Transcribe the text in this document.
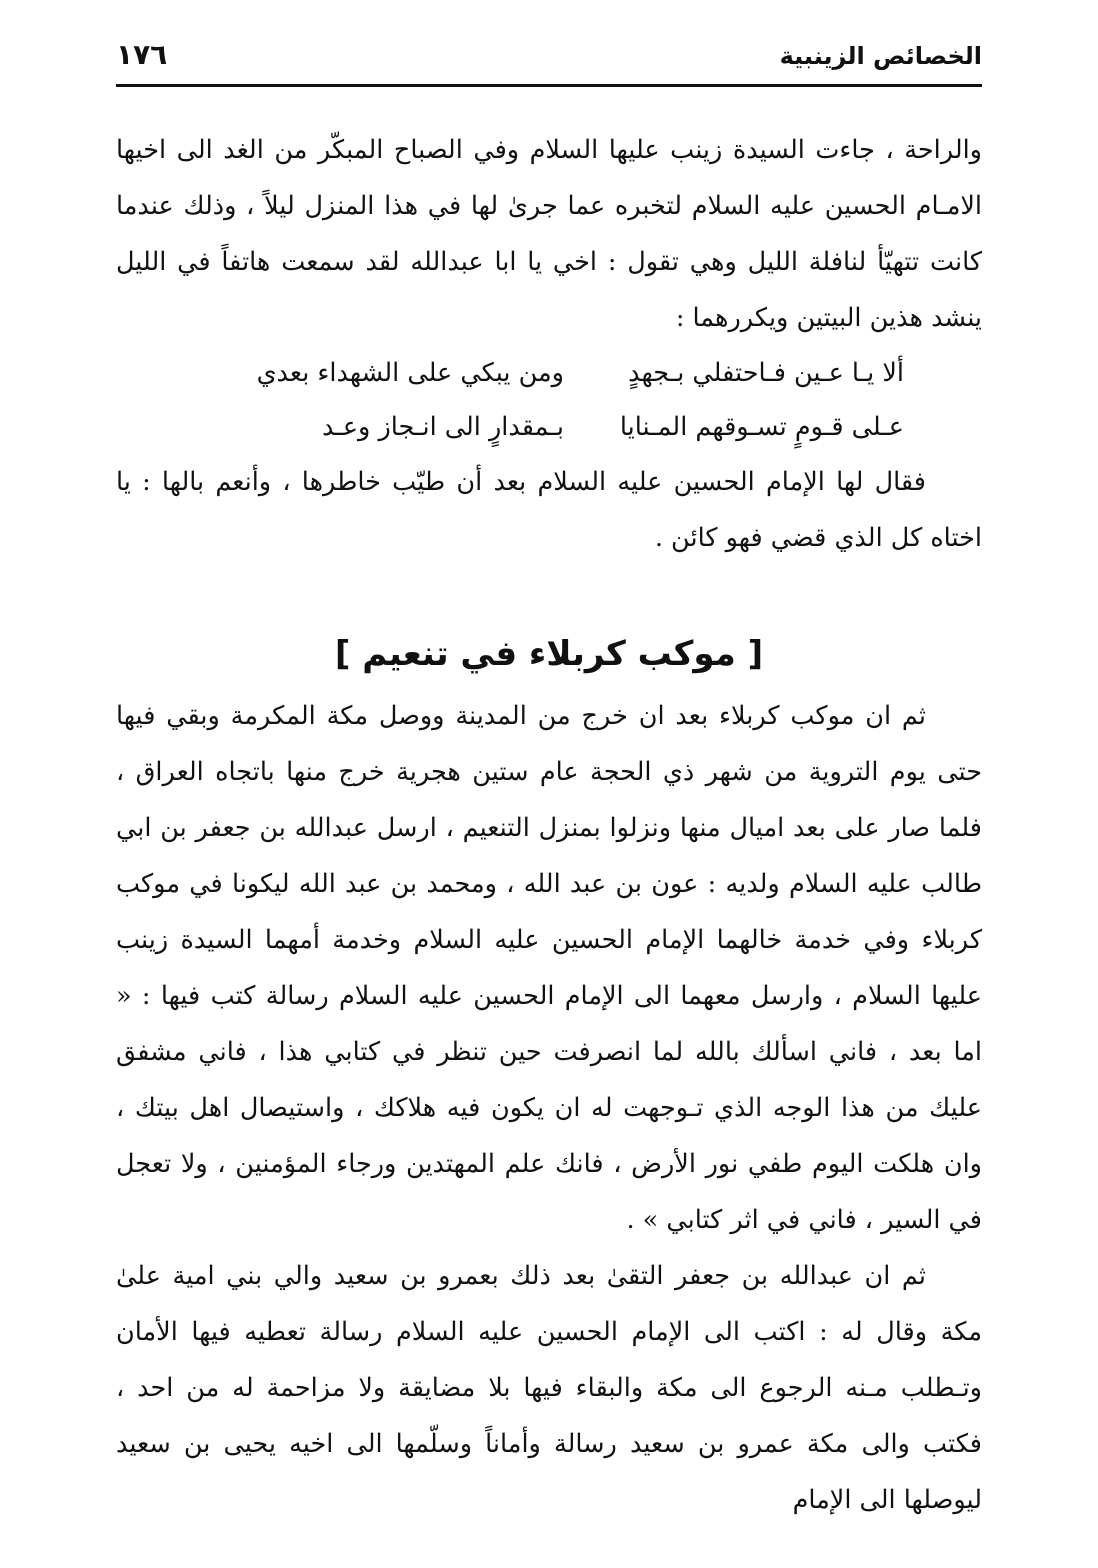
الخصائص الزينبية
١٧٦

والراحة ، جاءت السيدة زينب عليها السلام وفي الصباح المبكّر من الغد الى اخيها الامـام الحسين عليه السلام لتخبره عما جرىٰ لها في هذا المنزل ليلاً ، وذلك عندما كانت تتهيّأ لنافلة الليل وهي تقول : اخي يا ابا عبدالله لقد سمعت هاتفاً في الليل ينشد هذين البيتين ويكررهما :

ألا يـا عـين فـاحتفلي بـجهدٍ
ومن يبكي على الشهداء بعدي
عـلى قـومٍ تسـوقهم المـنايا
بـمقدارٍ الى انـجاز وعـد

فقال لها الإمام الحسين عليه السلام بعد أن طيّب خاطرها ، وأنعم بالها : يا اختاه كل الذي قضي فهو كائن .

[ موكب كربلاء في تنعيم ]

ثم ان موكب كربلاء بعد ان خرج من المدينة ووصل مكة المكرمة وبقي فيها حتى يوم التروية من شهر ذي الحجة عام ستين هجرية خرج منها باتجاه العراق ، فلما صار على بعد اميال منها ونزلوا بمنزل التنعيم ، ارسل عبدالله بن جعفر بن ابي طالب عليه السلام ولديه : عون بن عبد الله ، ومحمد بن عبد الله ليكونا في موكب كربلاء وفي خدمة خالهما الإمام الحسين عليه السلام وخدمة أمهما السيدة زينب عليها السلام ، وارسل معهما الى الإمام الحسين عليه السلام رسالة كتب فيها : « اما بعد ، فاني اسألك بالله لما انصرفت حين تنظر في كتابي هذا ، فاني مشفق عليك من هذا الوجه الذي تـوجهت له ان يكون فيه هلاكك ، واستيصال اهل بيتك ، وان هلكت اليوم طفي نور الأرض ، فانك علم المهتدين ورجاء المؤمنين ، ولا تعجل في السير ، فاني في اثر كتابي » .

ثم ان عبدالله بن جعفر التقىٰ بعد ذلك بعمرو بن سعيد والي بني امية علىٰ مكة وقال له : اكتب الى الإمام الحسين عليه السلام رسالة تعطيه فيها الأمان وتـطلب مـنه الرجوع الى مكة والبقاء فيها بلا مضايقة ولا مزاحمة له من احد ، فكتب والى مكة عمرو بن سعيد رسالة وأماناً وسلّمها الى اخيه يحيى بن سعيد ليوصلها الى الإمام
